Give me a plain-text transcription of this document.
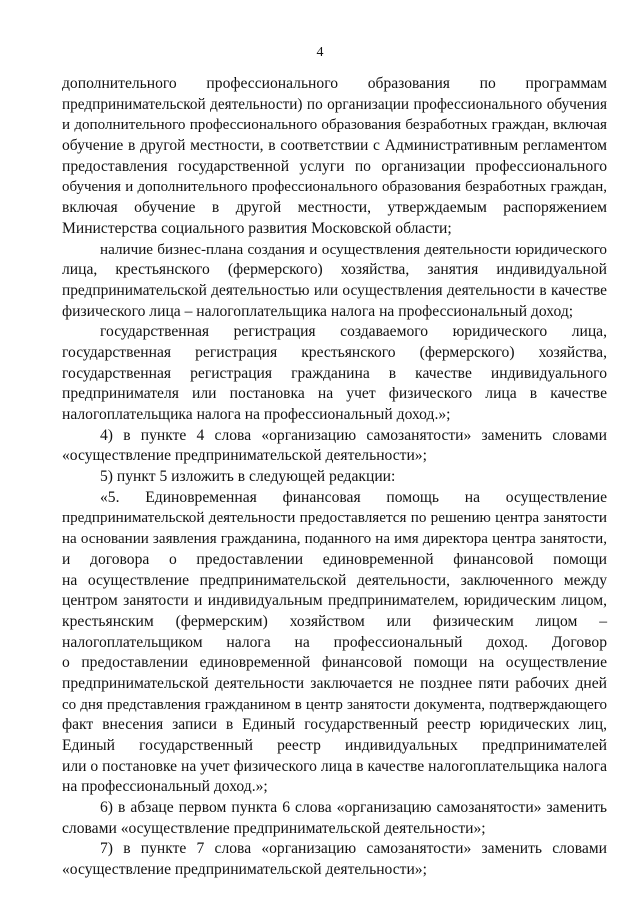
4
дополнительного профессионального образования по программам
предпринимательской деятельности) по организации профессионального обучения
и дополнительного профессионального образования безработных граждан, включая
обучение в другой местности, в соответствии с Административным регламентом
предоставления государственной услуги по организации профессионального
обучения и дополнительного профессионального образования безработных граждан,
включая обучение в другой местности, утверждаемым распоряжением
Министерства социального развития Московской области;
наличие бизнес-плана создания и осуществления деятельности юридического
лица, крестьянского (фермерского) хозяйства, занятия индивидуальной
предпринимательской деятельностью или осуществления деятельности в качестве
физического лица – налогоплательщика налога на профессиональный доход;
государственная регистрация создаваемого юридического лица,
государственная регистрация крестьянского (фермерского) хозяйства,
государственная регистрация гражданина в качестве индивидуального
предпринимателя или постановка на учет физического лица в качестве
налогоплательщика налога на профессиональный доход.»;
4) в пункте 4 слова «организацию самозанятости» заменить словами
«осуществление предпринимательской деятельности»;
5) пункт 5 изложить в следующей редакции:
«5. Единовременная финансовая помощь на осуществление
предпринимательской деятельности предоставляется по решению центра занятости
на основании заявления гражданина, поданного на имя директора центра занятости,
и договора о предоставлении единовременной финансовой помощи
на осуществление предпринимательской деятельности, заключенного между
центром занятости и индивидуальным предпринимателем, юридическим лицом,
крестьянским (фермерским) хозяйством или физическим лицом –
налогоплательщиком налога на профессиональный доход. Договор
о предоставлении единовременной финансовой помощи на осуществление
предпринимательской деятельности заключается не позднее пяти рабочих дней
со дня представления гражданином в центр занятости документа, подтверждающего
факт внесения записи в Единый государственный реестр юридических лиц,
Единый государственный реестр индивидуальных предпринимателей
или о постановке на учет физического лица в качестве налогоплательщика налога
на профессиональный доход.»;
6) в абзаце первом пункта 6 слова «организацию самозанятости» заменить
словами «осуществление предпринимательской деятельности»;
7) в пункте 7 слова «организацию самозанятости» заменить словами
«осуществление предпринимательской деятельности»;
